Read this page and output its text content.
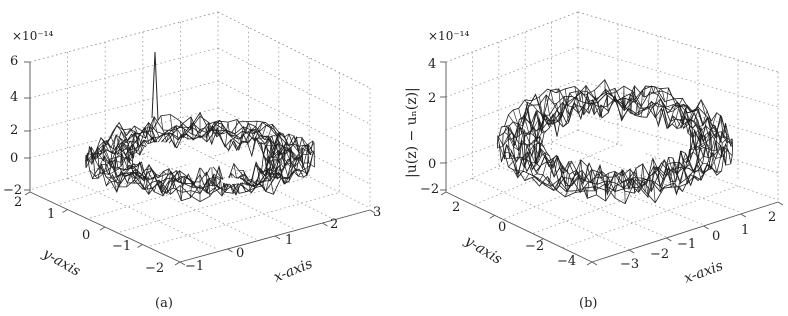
×10⁻¹⁴
6
4
2
0
−2
2
1
0
−1
−2 −1
0
1
2
3
y-axis	x-axis
(a)
×10⁻¹⁴
|u(z) − uₙ(z)|
4
2
0
−2
2
0
−2
−4	−3
−2
−1
0 1
2
y-axis
x-axis
(b)
